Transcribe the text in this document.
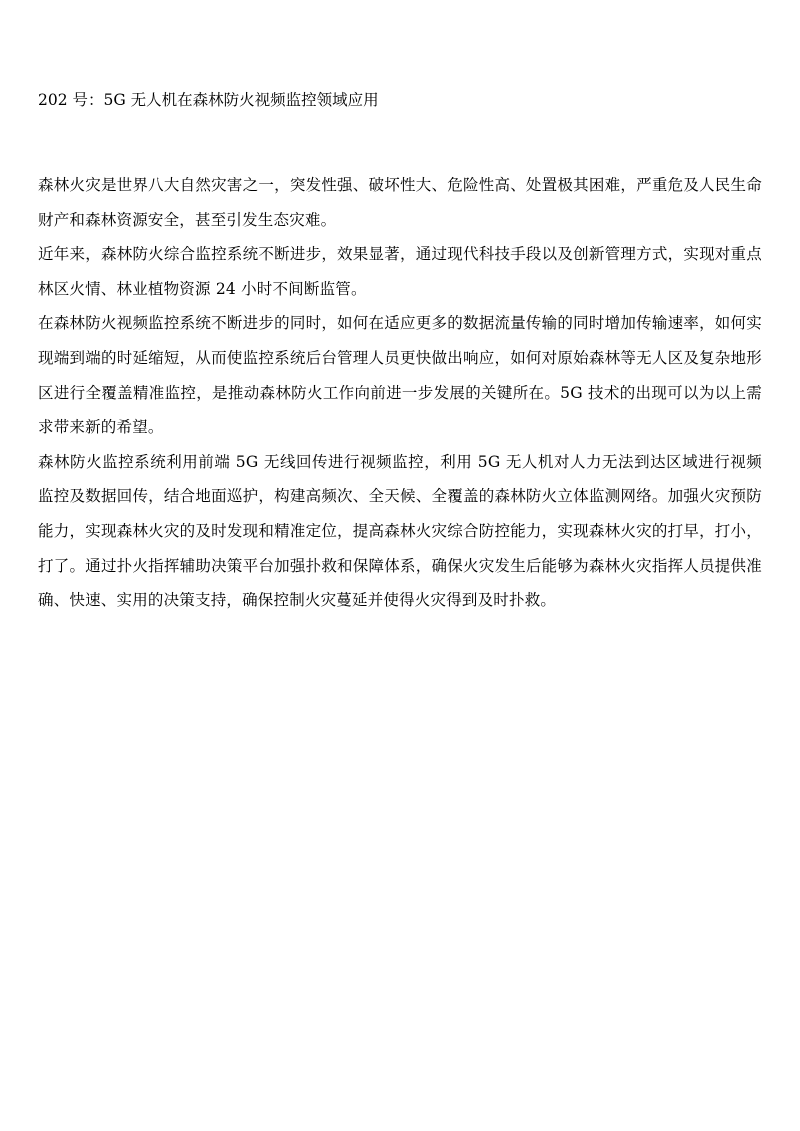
202 号：5G 无人机在森林防火视频监控领域应用

森林火灾是世界八大自然灾害之一，突发性强、破坏性大、危险性高、处置极其困难，严重危及人民生命财产和森林资源安全，甚至引发生态灾难。

近年来，森林防火综合监控系统不断进步，效果显著，通过现代科技手段以及创新管理方式，实现对重点林区火情、林业植物资源 24 小时不间断监管。

在森林防火视频监控系统不断进步的同时，如何在适应更多的数据流量传输的同时增加传输速率，如何实现端到端的时延缩短，从而使监控系统后台管理人员更快做出响应，如何对原始森林等无人区及复杂地形区进行全覆盖精准监控，是推动森林防火工作向前进一步发展的关键所在。5G 技术的出现可以为以上需求带来新的希望。

森林防火监控系统利用前端 5G 无线回传进行视频监控，利用 5G 无人机对人力无法到达区域进行视频监控及数据回传，结合地面巡护，构建高频次、全天候、全覆盖的森林防火立体监测网络。加强火灾预防能力，实现森林火灾的及时发现和精准定位，提高森林火灾综合防控能力，实现森林火灾的打早，打小，打了。通过扑火指挥辅助决策平台加强扑救和保障体系，确保火灾发生后能够为森林火灾指挥人员提供准确、快速、实用的决策支持，确保控制火灾蔓延并使得火灾得到及时扑救。
